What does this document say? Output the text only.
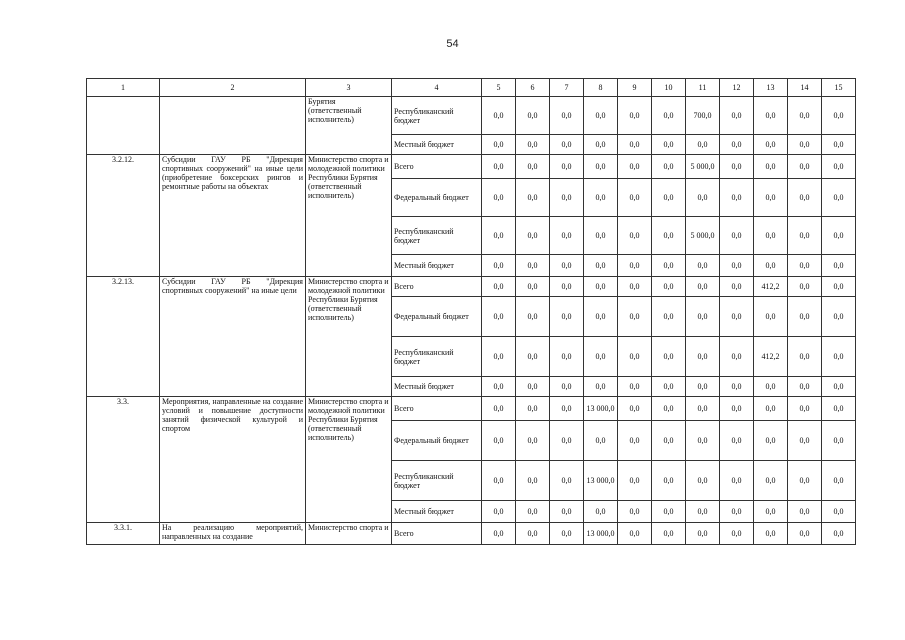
54
1	2	3	4	5	6	7	8	9	10	11	12	13	14	15
		Бурятия (ответственный исполнитель)	Республиканский бюджет	0,0	0,0	0,0	0,0	0,0	0,0	700,0	0,0	0,0	0,0	0,0
			Местный бюджет	0,0	0,0	0,0	0,0	0,0	0,0	0,0	0,0	0,0	0,0	0,0
3.2.12.	Субсидии ГАУ РБ "Дирекция спортивных сооружений" на иные цели (приобретение боксерских рингов и ремонтные работы на объектах	Министерство спорта и молодежной политики Республики Бурятия (ответственный исполнитель)	Всего	0,0	0,0	0,0	0,0	0,0	0,0	5 000,0	0,0	0,0	0,0	0,0
			Федеральный бюджет	0,0	0,0	0,0	0,0	0,0	0,0	0,0	0,0	0,0	0,0	0,0
			Республиканский бюджет	0,0	0,0	0,0	0,0	0,0	0,0	5 000,0	0,0	0,0	0,0	0,0
			Местный бюджет	0,0	0,0	0,0	0,0	0,0	0,0	0,0	0,0	0,0	0,0	0,0
3.2.13.	Субсидии ГАУ РБ "Дирекция спортивных сооружений" на иные цели	Министерство спорта и молодежной политики Республики Бурятия (ответственный исполнитель)	Всего	0,0	0,0	0,0	0,0	0,0	0,0	0,0	0,0	412,2	0,0	0,0
			Федеральный бюджет	0,0	0,0	0,0	0,0	0,0	0,0	0,0	0,0	0,0	0,0	0,0
			Республиканский бюджет	0,0	0,0	0,0	0,0	0,0	0,0	0,0	0,0	412,2	0,0	0,0
			Местный бюджет	0,0	0,0	0,0	0,0	0,0	0,0	0,0	0,0	0,0	0,0	0,0
3.3.	Мероприятия, направленные на создание условий и повышение доступности занятий физической культурой и спортом	Министерство спорта и молодежной политики Республики Бурятия (ответственный исполнитель)	Всего	0,0	0,0	0,0	13 000,0	0,0	0,0	0,0	0,0	0,0	0,0	0,0
			Федеральный бюджет	0,0	0,0	0,0	0,0	0,0	0,0	0,0	0,0	0,0	0,0	0,0
			Республиканский бюджет	0,0	0,0	0,0	13 000,0	0,0	0,0	0,0	0,0	0,0	0,0	0,0
			Местный бюджет	0,0	0,0	0,0	0,0	0,0	0,0	0,0	0,0	0,0	0,0	0,0
3.3.1.	На реализацию мероприятий, направленных на создание	Министерство спорта и	Всего	0,0	0,0	0,0	13 000,0	0,0	0,0	0,0	0,0	0,0	0,0	0,0
